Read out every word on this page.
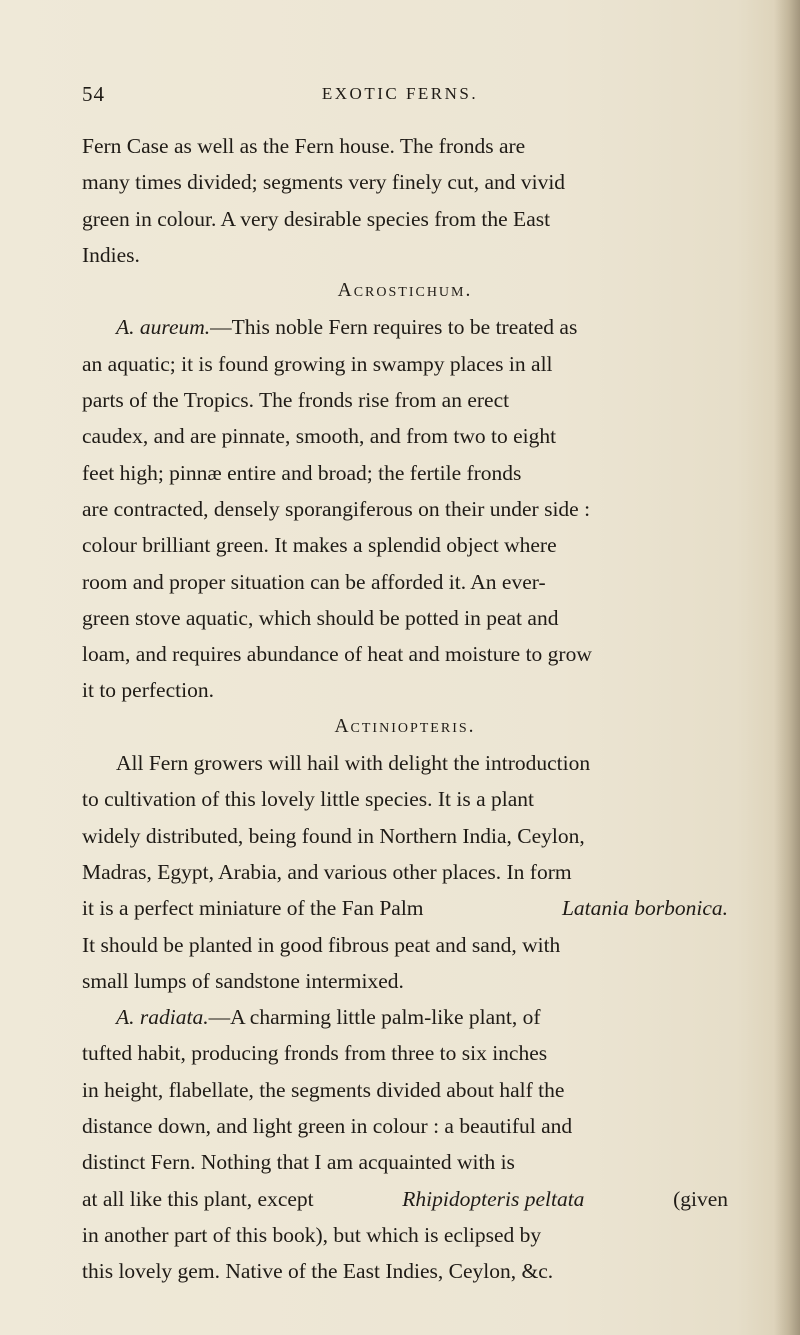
54	EXOTIC FERNS.
Fern Case as well as the Fern house. The fronds are
many times divided; segments very finely cut, and vivid
green in colour. A very desirable species from the East
Indies.
Acrostichum.
A. aureum.—This noble Fern requires to be treated as
an aquatic; it is found growing in swampy places in all
parts of the Tropics. The fronds rise from an erect
caudex, and are pinnate, smooth, and from two to eight
feet high; pinnæ entire and broad; the fertile fronds
are contracted, densely sporangiferous on their under side :
colour brilliant green. It makes a splendid object where
room and proper situation can be afforded it. An ever-
green stove aquatic, which should be potted in peat and
loam, and requires abundance of heat and moisture to grow
it to perfection.
Actiniopteris.
All Fern growers will hail with delight the introduction
to cultivation of this lovely little species. It is a plant
widely distributed, being found in Northern India, Ceylon,
Madras, Egypt, Arabia, and various other places. In form
it is a perfect miniature of the Fan Palm	Latania borbonica.
It should be planted in good fibrous peat and sand, with
small lumps of sandstone intermixed.
A. radiata.—A charming little palm-like plant, of
tufted habit, producing fronds from three to six inches
in height, flabellate, the segments divided about half the
distance down, and light green in colour : a beautiful and
distinct Fern. Nothing that I am acquainted with is
at all like this plant, except	Rhipidopteris peltata	(given
in another part of this book), but which is eclipsed by
this lovely gem. Native of the East Indies, Ceylon, &c.
